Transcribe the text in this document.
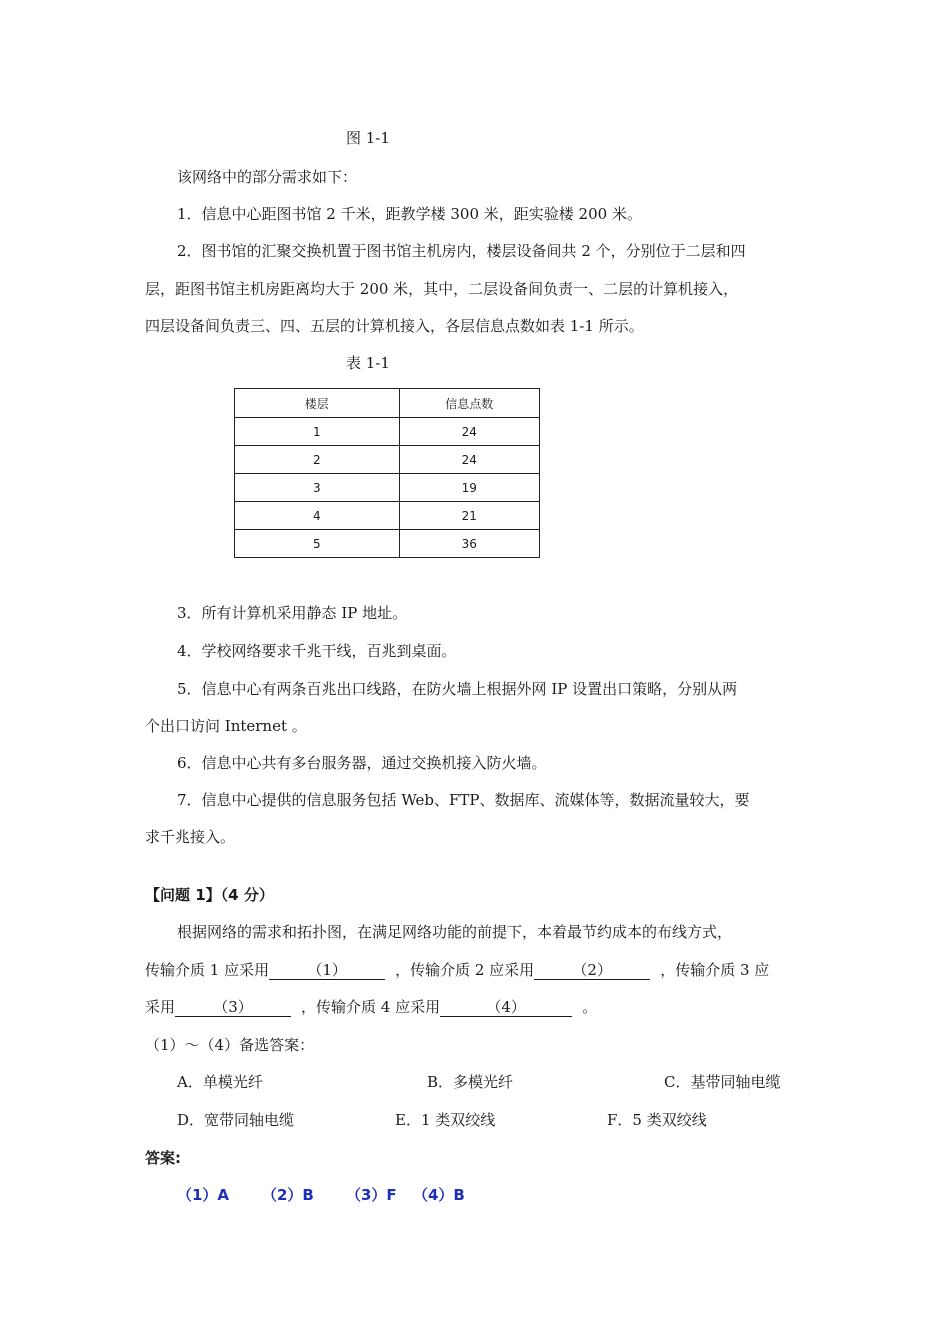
图 1-1
该网络中的部分需求如下：
1．信息中心距图书馆 2 千米，距教学楼 300 米，距实验楼 200 米。
2．图书馆的汇聚交换机置于图书馆主机房内，楼层设备间共 2 个，分别位于二层和四
层，距图书馆主机房距离均大于 200 米，其中，二层设备间负责一、二层的计算机接入，
四层设备间负责三、四、五层的计算机接入，各层信息点数如表 1-1 所示。
表 1-1
楼层	信息点数
1	24
2	24
3	19
4	21
5	36
3．所有计算机采用静态 IP 地址。
4．学校网络要求千兆干线，百兆到桌面。
5．信息中心有两条百兆出口线路，在防火墙上根据外网 IP 设置出口策略，分别从两
个出口访问 Internet 。
6．信息中心共有多台服务器，通过交换机接入防火墙。
7．信息中心提供的信息服务包括 Web、FTP、数据库、流媒体等，数据流量较大，要
求千兆接入。
【问题 1】（4 分）
根据网络的需求和拓扑图，在满足网络功能的前提下，本着最节约成本的布线方式，
传输介质 1 应采用	（1）	，传输介质 2 应采用	（2）	，传输介质 3 应
采用	（3）	，传输介质 4 应采用	（4）	。
（1）～（4）备选答案：
A．单模光纤	B．多模光纤	C．基带同轴电缆
D．宽带同轴电缆	E．1 类双绞线	F．5 类双绞线
答案:
（1）A （2）B （3）F （4）B
